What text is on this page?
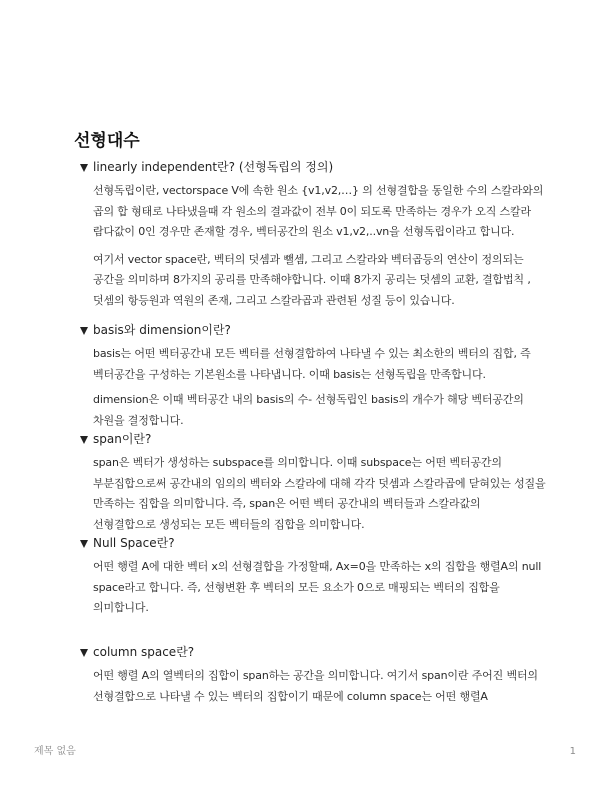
선형대수
linearly independent란? (선형독립의 정의)

선형독립이란, vectorspace V에 속한 원소 {v1,v2,…} 의 선형결합을 동일한 수의 스칼라와의 곱의 합 형태로 나타냈을때 각 원소의 결과값이 전부 0이 되도록 만족하는 경우가 오직 스칼라 람다값이 0인 경우만 존재할 경우, 벡터공간의 원소 v1,v2,..vn을 선형독립이라고 합니다.

여기서 vector space란, 벡터의 덧셈과 뺄셈, 그리고 스칼라와 벡터곱등의 연산이 정의되는 공간을 의미하며 8가지의 공리를 만족해야합니다. 이때 8가지 공리는 덧셈의 교환, 결합법칙 , 덧셈의 항등원과 역원의 존재, 그리고 스칼라곱과 관련된 성질 등이 있습니다.

basis와 dimension이란?

basis는 어떤 벡터공간내 모든 벡터를 선형결합하여 나타낼 수 있는 최소한의 벡터의 집합, 즉 벡터공간을 구성하는 기본원소를 나타냅니다. 이때 basis는 선형독립을 만족합니다.

dimension은 이때 벡터공간 내의 basis의 수- 선형독립인 basis의 개수가 해당 벡터공간의 차원을 결정합니다.

span이란?

span은 벡터가 생성하는 subspace를 의미합니다. 이때 subspace는 어떤 벡터공간의 부분집합으로써 공간내의 임의의 벡터와 스칼라에 대해 각각 덧셈과 스칼라곱에 닫혀있는 성질을 만족하는 집합을 의미합니다. 즉, span은 어떤 벡터 공간내의 벡터들과 스칼라값의 선형결합으로 생성되는 모든 벡터들의 집합을 의미합니다.

Null Space란?

어떤 행렬 A에 대한 벡터 x의 선형결합을 가정할때, Ax=0을 만족하는 x의 집합을 행렬A의 null space라고 합니다. 즉, 선형변환 후 벡터의 모든 요소가 0으로 매핑되는 벡터의 집합을 의미합니다.

column space란?

어떤 행렬 A의 열벡터의 집합이 span하는 공간을 의미합니다. 여기서 span이란 주어진 벡터의 선형결합으로 나타낼 수 있는 벡터의 집합이기 때문에 column space는 어떤 행렬A

제목 없음	1
